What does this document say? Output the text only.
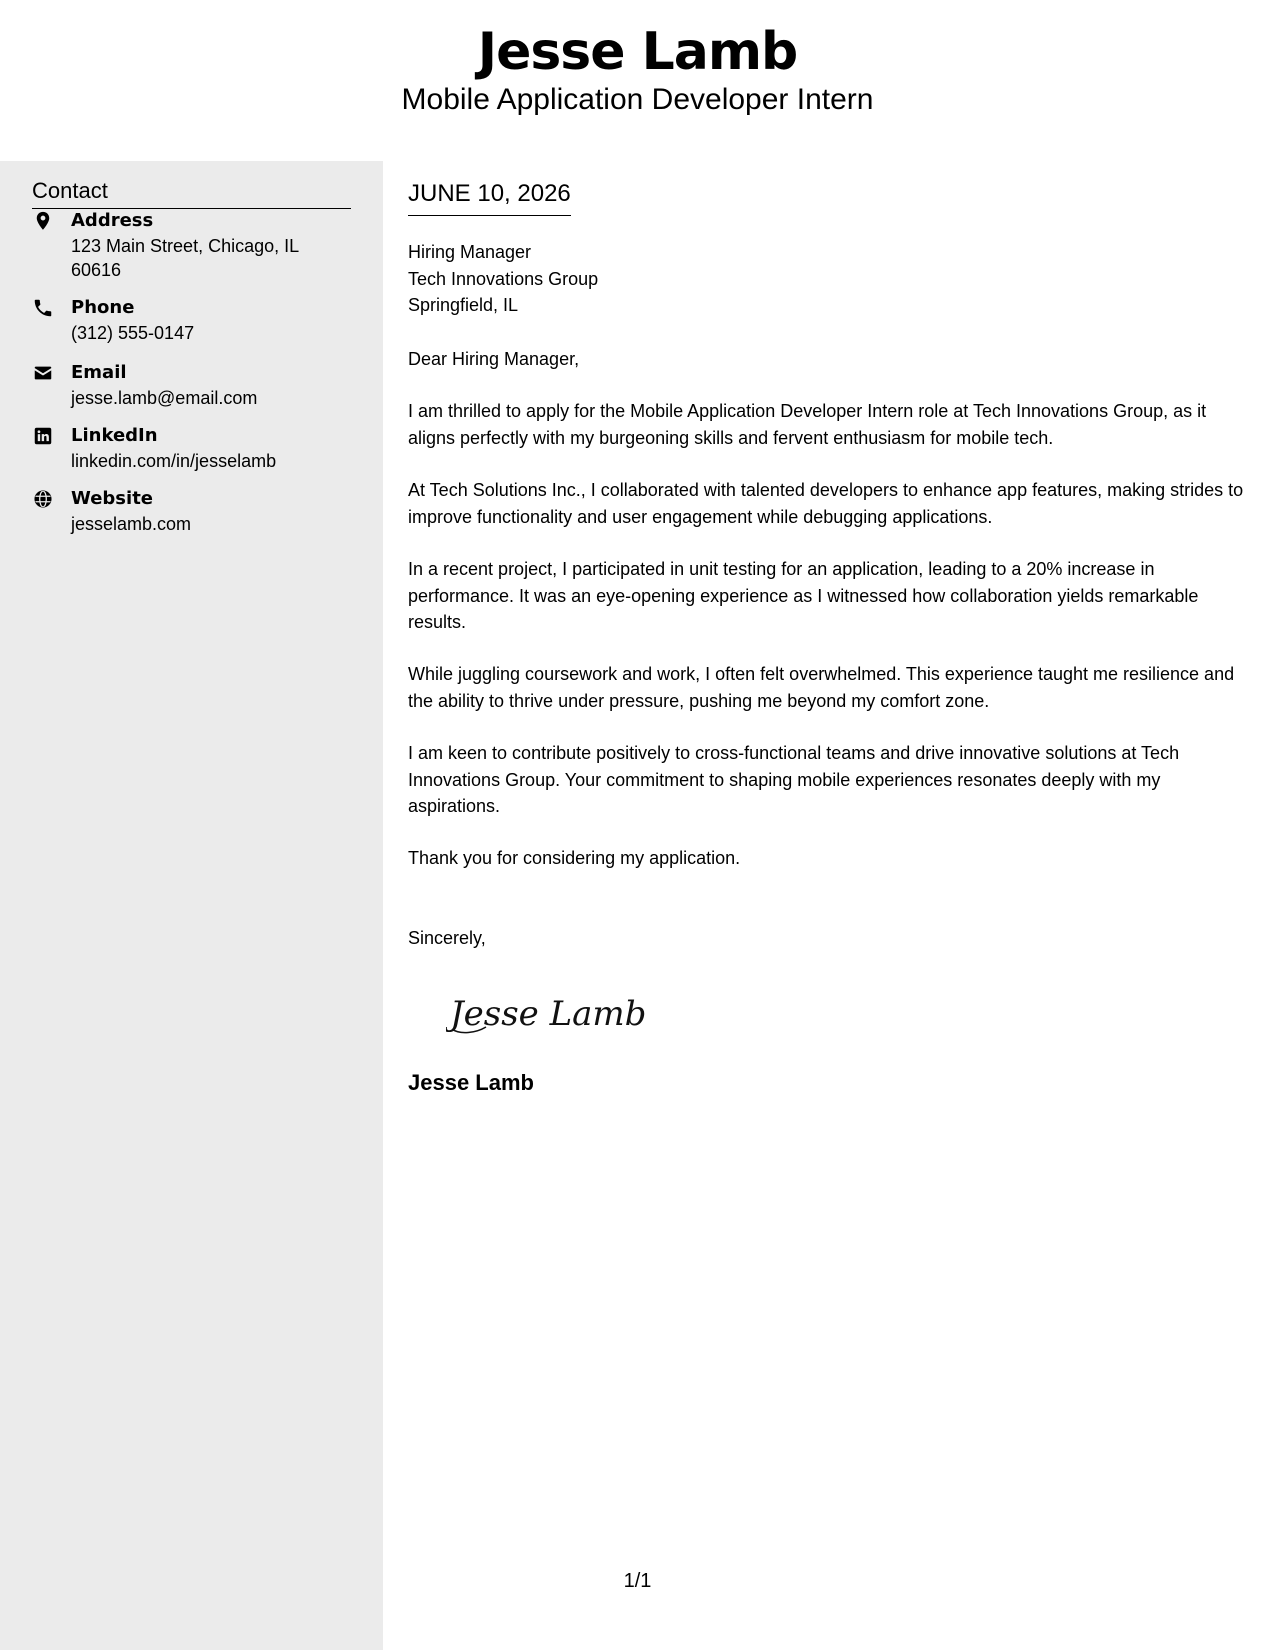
Jesse Lamb
Mobile Application Developer Intern
Contact
Address
123 Main Street, Chicago, IL 60616
Phone
(312) 555-0147
Email
jesse.lamb@email.com
LinkedIn
linkedin.com/in/jesselamb
Website
jesselamb.com
JUNE 10, 2026
Hiring Manager
Tech Innovations Group
Springfield, IL
Dear Hiring Manager,
I am thrilled to apply for the Mobile Application Developer Intern role at Tech Innovations Group, as it aligns perfectly with my burgeoning skills and fervent enthusiasm for mobile tech.
At Tech Solutions Inc., I collaborated with talented developers to enhance app features, making strides to improve functionality and user engagement while debugging applications.
In a recent project, I participated in unit testing for an application, leading to a 20% increase in performance. It was an eye-opening experience as I witnessed how collaboration yields remarkable results.
While juggling coursework and work, I often felt overwhelmed. This experience taught me resilience and the ability to thrive under pressure, pushing me beyond my comfort zone.
I am keen to contribute positively to cross-functional teams and drive innovative solutions at Tech Innovations Group. Your commitment to shaping mobile experiences resonates deeply with my aspirations.
Thank you for considering my application.
Sincerely,
Jesse Lamb
Jesse Lamb
1/1
